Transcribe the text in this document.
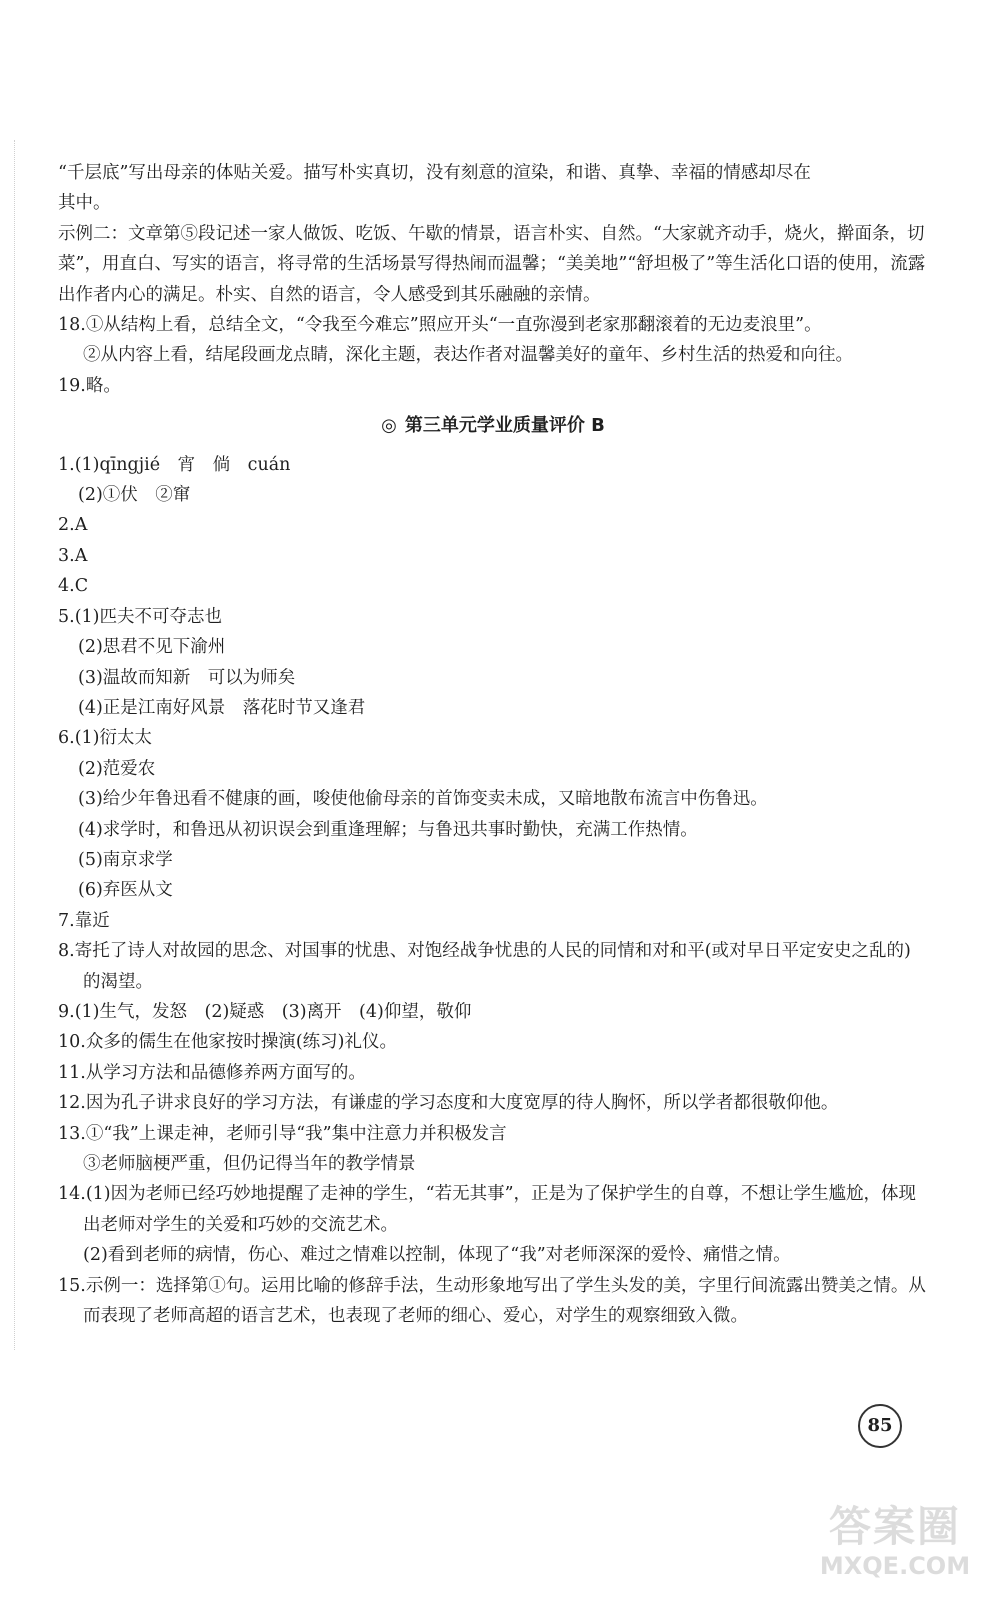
“千层底”写出母亲的体贴关爱。描写朴实真切，没有刻意的渲染，和谐、真挚、幸福的情感却尽在
其中。
示例二：文章第⑤段记述一家人做饭、吃饭、午歇的情景，语言朴实、自然。“大家就齐动手，烧火，擀面条，切菜”，用直白、写实的语言，将寻常的生活场景写得热闹而温馨；“美美地”“舒坦极了”等生活化口语的使用，流露出作者内心的满足。朴实、自然的语言，令人感受到其乐融融的亲情。
18.①从结构上看，总结全文，“令我至今难忘”照应开头“一直弥漫到老家那翻滚着的无边麦浪里”。
②从内容上看，结尾段画龙点睛，深化主题，表达作者对温馨美好的童年、乡村生活的热爱和向往。
19.略。
◎ 第三单元学业质量评价 B
1.(1)qīngjié　宵　倘　cuán
(2)①伏　②窜
2.A
3.A
4.C
5.(1)匹夫不可夺志也
(2)思君不见下渝州
(3)温故而知新　可以为师矣
(4)正是江南好风景　落花时节又逢君
6.(1)衍太太
(2)范爱农
(3)给少年鲁迅看不健康的画，唆使他偷母亲的首饰变卖未成，又暗地散布流言中伤鲁迅。
(4)求学时，和鲁迅从初识误会到重逢理解；与鲁迅共事时勤快，充满工作热情。
(5)南京求学
(6)弃医从文
7.靠近
8.寄托了诗人对故园的思念、对国事的忧患、对饱经战争忧患的人民的同情和对和平(或对早日平定安史之乱的)的渴望。
9.(1)生气，发怒　(2)疑惑　(3)离开　(4)仰望，敬仰
10.众多的儒生在他家按时操演(练习)礼仪。
11.从学习方法和品德修养两方面写的。
12.因为孔子讲求良好的学习方法，有谦虚的学习态度和大度宽厚的待人胸怀，所以学者都很敬仰他。
13.①“我”上课走神，老师引导“我”集中注意力并积极发言
③老师脑梗严重，但仍记得当年的教学情景
14.(1)因为老师已经巧妙地提醒了走神的学生，“若无其事”，正是为了保护学生的自尊，不想让学生尴尬，体现出老师对学生的关爱和巧妙的交流艺术。
(2)看到老师的病情，伤心、难过之情难以控制，体现了“我”对老师深深的爱怜、痛惜之情。
15.示例一：选择第①句。运用比喻的修辞手法，生动形象地写出了学生头发的美，字里行间流露出赞美之情。从而表现了老师高超的语言艺术，也表现了老师的细心、爱心，对学生的观察细致入微。
85
答案圈
MXQE.COM
